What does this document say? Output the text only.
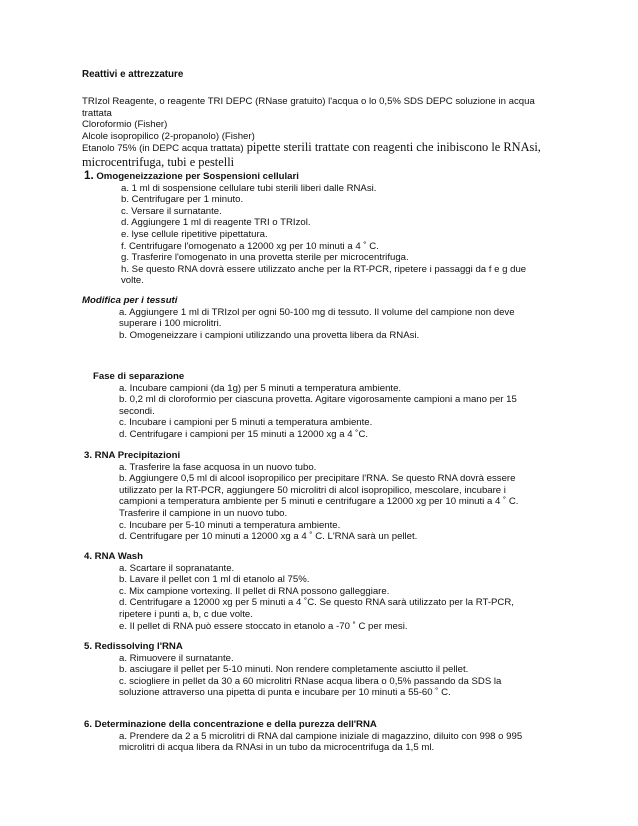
Reattivi e attrezzature
TRIzol Reagente, o reagente TRI DEPC (RNase gratuito) l'acqua o lo 0,5% SDS DEPC soluzione in acqua
trattata
Cloroformio (Fisher)
Alcole isopropilico (2-propanolo) (Fisher)
Etanolo 75% (in DEPC acqua trattata) pipette sterili trattate con reagenti che inibiscono le RNAsi,
microcentrifuga, tubi e pestelli
1. Omogeneizzazione per Sospensioni cellulari
a. 1 ml di sospensione cellulare tubi sterili liberi dalle RNAsi.
b. Centrifugare per 1 minuto.
c. Versare il surnatante.
d. Aggiungere 1 ml di reagente TRI o TRIzol.
e. lyse cellule ripetitive pipettatura.
f. Centrifugare l'omogenato a 12000 xg per 10 minuti a 4 ˚ C.
g. Trasferire l'omogenato in una provetta sterile per microcentrifuga.
h. Se questo RNA dovrà essere utilizzato anche per la RT-PCR, ripetere i passaggi da f e g due
volte.
Modifica per i tessuti
a. Aggiungere 1 ml di TRIzol per ogni 50-100 mg di tessuto. Il volume del campione non deve
superare i 100 microlitri.
b. Omogeneizzare i campioni utilizzando una provetta libera da RNAsi.
Fase di separazione
a. Incubare campioni (da 1g) per 5 minuti a temperatura ambiente.
b. 0,2 ml di cloroformio per ciascuna provetta. Agitare vigorosamente campioni a mano per 15
secondi.
c. Incubare i campioni per 5 minuti a temperatura ambiente.
d. Centrifugare i campioni per 15 minuti a 12000 xg a 4 ˚C.
3. RNA Precipitazioni
a. Trasferire la fase acquosa in un nuovo tubo.
b. Aggiungere 0,5 ml di alcool isopropilico per precipitare l'RNA. Se questo RNA dovrà essere
utilizzato per la RT-PCR, aggiungere 50 microlitri di alcol isopropilico, mescolare, incubare i
campioni a temperatura ambiente per 5 minuti e centrifugare a 12000 xg per 10 minuti a 4 ˚ C.
Trasferire il campione in un nuovo tubo.
c. Incubare per 5-10 minuti a temperatura ambiente.
d. Centrifugare per 10 minuti a 12000 xg a 4 ˚ C. L'RNA sarà un pellet.
4. RNA Wash
a. Scartare il sopranatante.
b. Lavare il pellet con 1 ml di etanolo al 75%.
c. Mix campione vortexing. Il pellet di RNA possono galleggiare.
d. Centrifugare a 12000 xg per 5 minuti a 4 ˚C. Se questo RNA sarà utilizzato per la RT-PCR,
ripetere i punti a, b, c due volte.
e. Il pellet di RNA può essere stoccato in etanolo a -70 ˚ C per mesi.
5. Redissolving l'RNA
a. Rimuovere il surnatante.
b. asciugare il pellet per 5-10 minuti. Non rendere completamente asciutto il pellet.
c. sciogliere in pellet da 30 a 60 microlitri RNase acqua libera o 0,5% passando da SDS la
soluzione attraverso una pipetta di punta e incubare per 10 minuti a 55-60 ˚ C.
6. Determinazione della concentrazione e della purezza dell'RNA
a. Prendere da 2 a 5 microlitri di RNA dal campione iniziale di magazzino, diluito con 998 o 995
microlitri di acqua libera da RNAsi in un tubo da microcentrifuga da 1,5 ml.
